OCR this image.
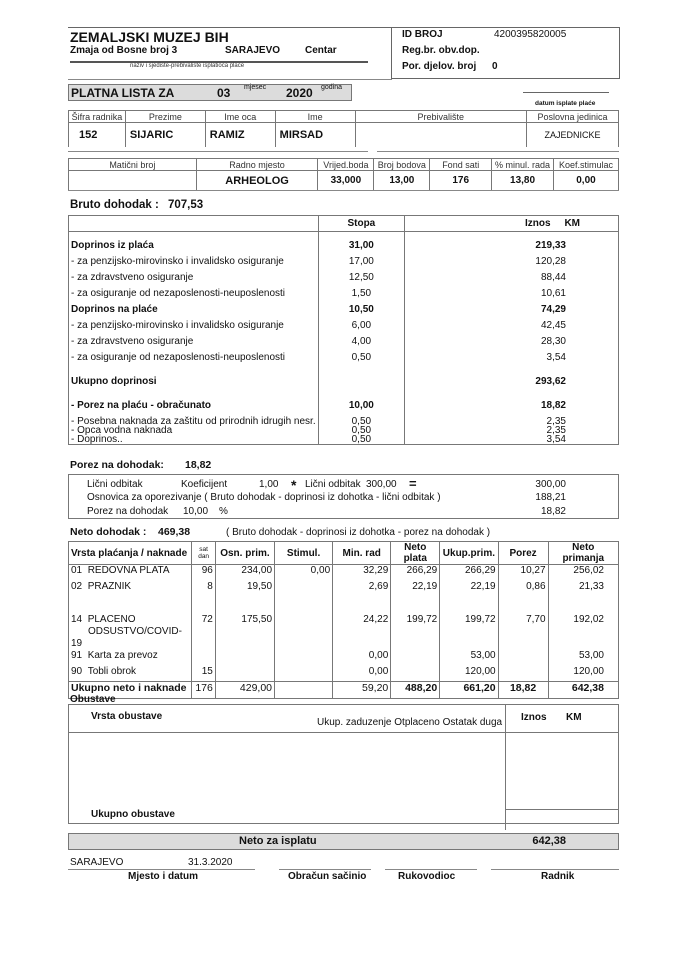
ZEMALJSKI MUZEJ BIH
Zmaja od Bosne broj 3	SARAJEVO Centar
naziv i sjediste-prebivaliste isplatioca place
ID BROJ	4200395820005
Reg.br. obv.dop.
Por. djelov. broj 0
PLATNA LISTA ZA	03 mjesec 2020 godina
datum isplate plaće
Šifra radnika	Prezime	Ime oca	Ime	Prebivalište	Poslovna jedinica
152	SIJARIC	RAMIZ	MIRSAD		ZAJEDNICKE
Matični broj	Radno mjesto	Vrijed.boda	Broj bodova	Fond sati	% minul. rada	Koef.stimulac
	ARHEOLOG	33,000	13,00	176	13,80	0,00
Bruto dohodak : 707,53
	Stopa	Iznos KM

Doprinos iz plaća	31,00	219,33
- za penzijsko-mirovinsko i invalidsko osiguranje	17,00	120,28
- za zdravstveno osiguranje	12,50	88,44
- za osiguranje od nezaposlenosti-neuposlenosti	1,50	10,61
Doprinos na plaće	10,50	74,29
- za penzijsko-mirovinsko i invalidsko osiguranje	6,00	42,45
- za zdravstveno osiguranje	4,00	28,30
- za osiguranje od nezaposlenosti-neuposlenosti	0,50	3,54

Ukupno doprinosi		293,62

- Porez na plaću - obračunato	10,00	18,82

- Posebna naknada za zaštitu od prirodnih idrugih nesr.	0,50	2,35
- Opca vodna naknada	0,50	2,35
- Doprinos..	0,50	3,54
Porez na dohodak: 18,82
Lični odbitak	Koeficijent	1,00 * Lični odbitak 300,00 =	300,00
Osnovica za oporezivanje ( Bruto dohodak - doprinosi iz dohotka - lični odbitak )	188,21
Porez na dohodak 10,00 %	18,82
Neto dohodak : 469,38	( Bruto dohodak - doprinosi iz dohotka - porez na dohodak )
Vrsta plaćanja / naknade	sat dan	Osn. prim.	Stimul.	Min. rad	Neto plata	Ukup.prim.	Porez	Neto primanja
01 REDOVNA PLATA	96	234,00	0,00	32,29	266,29	266,29	10,27	256,02
02 PRAZNIK	8	19,50		2,69	22,19	22,19	0,86	21,33
14 PLACENO
ODSUSTVO/COVID-19	72	175,50		24,22	199,72	199,72	7,70	192,02
91 Karta za prevoz				0,00		53,00		53,00
90 Tobli obrok	15			0,00		120,00		120,00
Ukupno neto i naknade	176	429,00		59,20	488,20	661,20	18,82	642,38
Obustave
Vrsta obustave
Ukup. zaduzenje Otplaceno Ostatak duga Iznos KM
Ukupno obustave
Neto za isplatu	642,38
SARAJEVO	31.3.2020
Mjesto i datum	Obračun sačinio	Rukovodioc	Radnik
